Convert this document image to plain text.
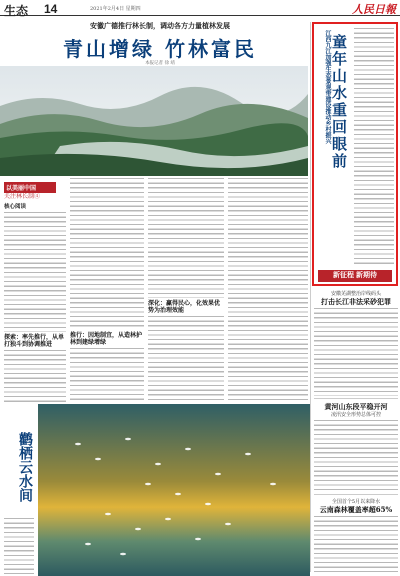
生态 14	2021年2月4日 星期四	人民日報
安徽广德推行林长制，调动各方力量植林发展
青山增绿 竹林富民
本报记者 徐 靖
以美丽中国
关注林长制④
核心阅读
探索：率先推行，从单打独斗到协调推进
推行：因地制宜，从造林护林到建绿增绿
深化：赢得民心，化效果优势为治理效能
鹳栖云水间
江西九江加强生态景观带建设推动乡村振兴 童年山水重回眼前
新征程 新期待
安徽芜湖整治岸线码头
打击长江非法采砂犯罪
黄河山东段平稳开河
凌汛安全形势总体可控
全国首个5月以来降水
云南森林覆盖率超65%
